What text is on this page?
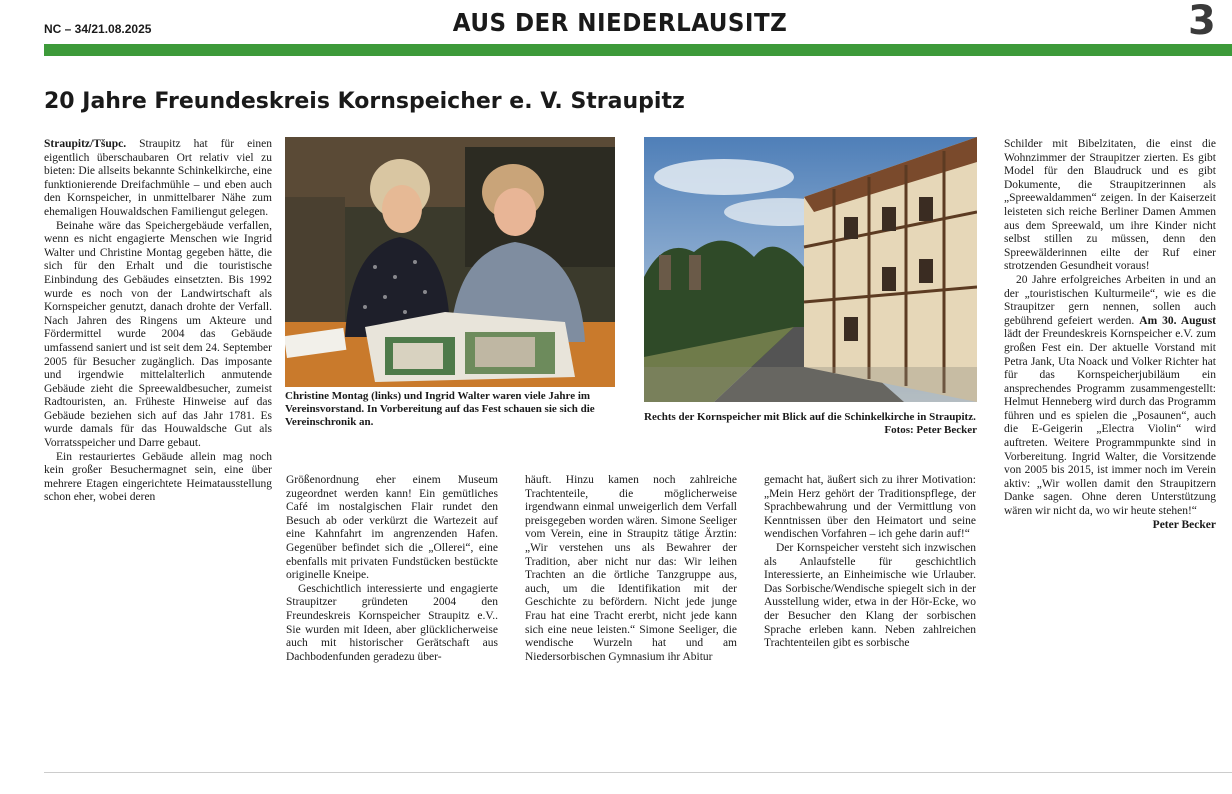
NC – 34/21.08.2025	AUS DER NIEDERLAUSITZ	3
20 Jahre Freundeskreis Kornspeicher e. V. Straupitz

Straupitz/Tšupc. Straupitz hat für einen eigentlich überschaubaren Ort relativ viel zu bieten: Die allseits bekannte Schinkelkirche, eine funktionierende Dreifachmühle – und eben auch den Kornspeicher, in unmittelbarer Nähe zum ehemaligen Houwaldschen Familiengut gelegen.

Beinahe wäre das Speichergebäude verfallen, wenn es nicht engagierte Menschen wie Ingrid Walter und Christine Montag gegeben hätte, die sich für den Erhalt und die touristische Einbindung des Gebäudes einsetzten. Bis 1992 wurde es noch von der Landwirtschaft als Kornspeicher genutzt, danach drohte der Verfall. Nach Jahren des Ringens um Akteure und Fördermittel wurde 2004 das Gebäude umfassend saniert und ist seit dem 24. September 2005 für Besucher zugänglich. Das imposante und irgendwie mittelalterlich anmutende Gebäude zieht die Spreewaldbesucher, zumeist Radtouristen, an. Früheste Hinweise auf das Gebäude beziehen sich auf das Jahr 1781. Es wurde damals für das Houwaldsche Gut als Vorratsspeicher und Darre gebaut.

Ein restauriertes Gebäude allein mag noch kein großer Besuchermagnet sein, eine über mehrere Etagen eingerichtete Heimatausstellung schon eher, wobei deren

Christine Montag (links) und Ingrid Walter waren viele Jahre im Vereinsvorstand. In Vorbereitung auf das Fest schauen sie sich die Vereinschronik an.	Rechts der Kornspeicher mit Blick auf die Schinkelkirche in Straupitz.
Fotos: Peter Becker

Größenordnung eher einem Museum zugeordnet werden kann! Ein gemütliches Café im nostalgischen Flair rundet den Besuch ab oder verkürzt die Wartezeit auf eine Kahnfahrt im angrenzenden Hafen. Gegenüber befindet sich die „Ollerei“, eine ebenfalls mit privaten Fundstücken bestückte originelle Kneipe.

Geschichtlich interessierte und engagierte Straupitzer gründeten 2004 den Freundeskreis Kornspeicher Straupitz e.V.. Sie wurden mit Ideen, aber glücklicherweise auch mit historischer Gerätschaft aus Dachbodenfunden geradezu über-

häuft. Hinzu kamen noch zahlreiche Trachtenteile, die möglicherweise irgendwann einmal unweigerlich dem Verfall preisgegeben worden wären. Simone Seeliger vom Verein, eine in Straupitz tätige Ärztin: „Wir verstehen uns als Bewahrer der Tradition, aber nicht nur das: Wir leihen Trachten an die örtliche Tanzgruppe aus, auch, um die Identifikation mit der Geschichte zu befördern. Nicht jede junge Frau hat eine Tracht ererbt, nicht jede kann sich eine neue leisten.“ Simone Seeliger, die wendische Wurzeln hat und am Niedersorbischen Gymnasium ihr Abitur

gemacht hat, äußert sich zu ihrer Motivation: „Mein Herz gehört der Traditionspflege, der Sprachbewahrung und der Vermittlung von Kenntnissen über den Heimatort und seine wendischen Vorfahren – ich gehe darin auf!“

Der Kornspeicher versteht sich inzwischen als Anlaufstelle für geschichtlich Interessierte, an Einheimische wie Urlauber. Das Sorbische/Wendische spiegelt sich in der Ausstellung wider, etwa in der Hör-Ecke, wo der Besucher den Klang der sorbischen Sprache erleben kann. Neben zahlreichen Trachtenteilen gibt es sorbische

Schilder mit Bibelzitaten, die einst die Wohnzimmer der Straupitzer zierten. Es gibt Model für den Blaudruck und es gibt Dokumente, die Straupitzerinnen als „Spreewaldammen“ zeigen. In der Kaiserzeit leisteten sich reiche Berliner Damen Ammen aus dem Spreewald, um ihre Kinder nicht selbst stillen zu müssen, denn den Spreewälderinnen eilte der Ruf einer strotzenden Gesundheit voraus!

20 Jahre erfolgreiches Arbeiten in und an der „touristischen Kulturmeile“, wie es die Straupitzer gern nennen, sollen auch gebührend gefeiert werden. Am 30. August lädt der Freundeskreis Kornspeicher e.V. zum großen Fest ein. Der aktuelle Vorstand mit Petra Jank, Uta Noack und Volker Richter hat für das Kornspeicherjubiläum ein ansprechendes Programm zusammengestellt: Helmut Henneberg wird durch das Programm führen und es spielen die „Posaunen“, auch die E-Geigerin „Electra Violin“ wird auftreten. Weitere Programmpunkte sind in Vorbereitung. Ingrid Walter, die Vorsitzende von 2005 bis 2015, ist immer noch im Verein aktiv: „Wir wollen damit den Straupitzern Danke sagen. Ohne deren Unterstützung wären wir nicht da, wo wir heute stehen!“

Peter Becker
